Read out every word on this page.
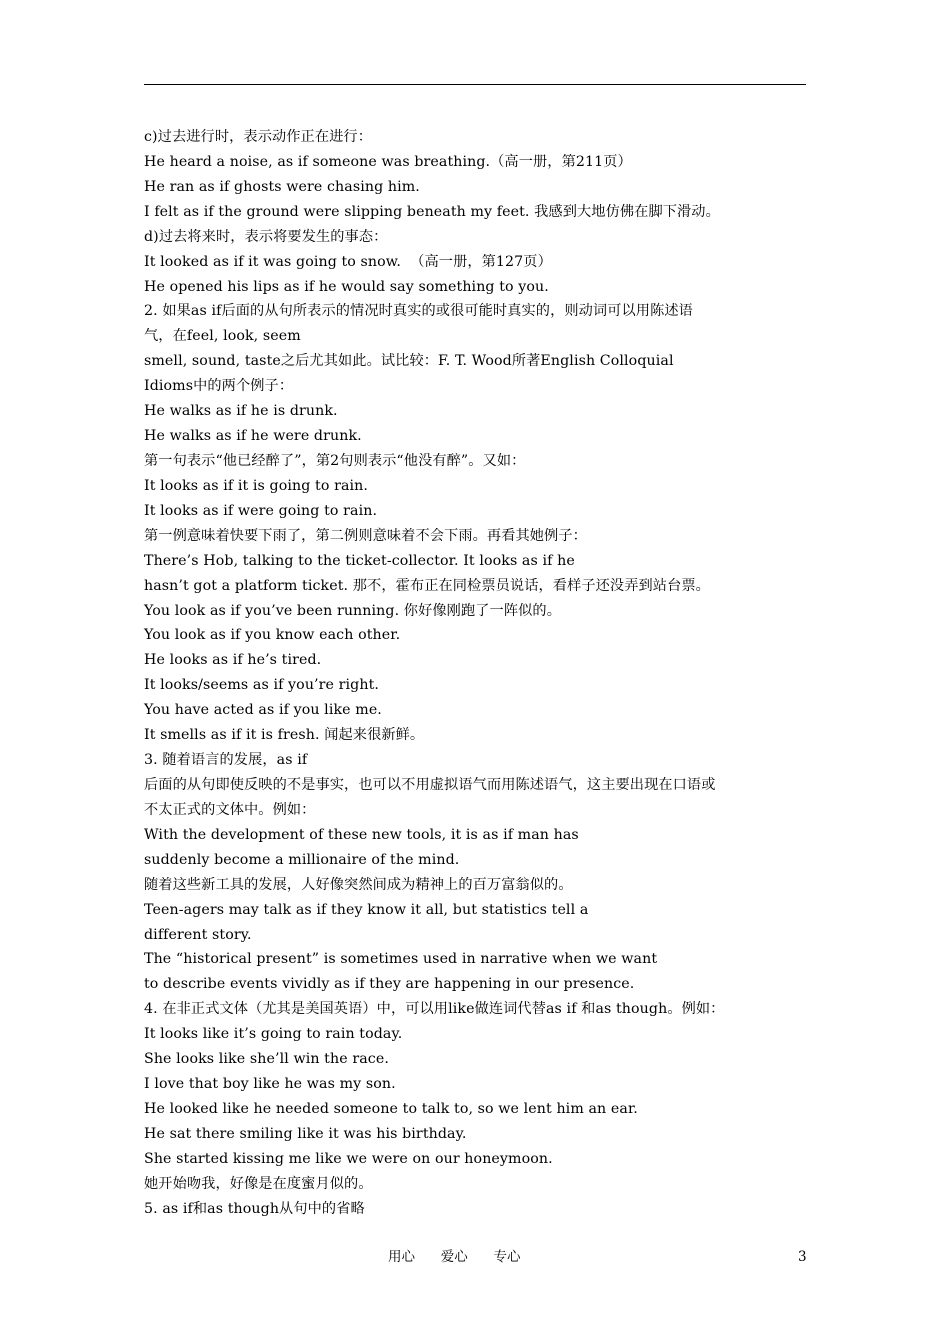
c)过去进行时，表示动作正在进行：
He heard a noise, as if someone was breathing.（高一册，第211页）
He ran as if ghosts were chasing him.
I felt as if the ground were slipping beneath my feet. 我感到大地仿佛在脚下滑动。
d)过去将来时，表示将要发生的事态：
It looked as if it was going to snow.  （高一册，第127页）
He opened his lips as if he would say something to you.
2. 如果as if后面的从句所表示的情况时真实的或很可能时真实的，则动词可以用陈述语
气，在feel, look, seem
smell, sound, taste之后尤其如此。试比较：F. T. Wood所著English Colloquial
Idioms中的两个例子：
He walks as if he is drunk.
He walks as if he were drunk.
第一句表示“他已经醉了”，第2句则表示“他没有醉”。又如：
It looks as if it is going to rain.
It looks as if were going to rain.
第一例意味着快要下雨了，第二例则意味着不会下雨。再看其她例子：
There’s Hob, talking to the ticket-collector. It looks as if he
hasn’t got a platform ticket. 那不，霍布正在同检票员说话，看样子还没弄到站台票。
You look as if you’ve been running. 你好像刚跑了一阵似的。
You look as if you know each other.
He looks as if he’s tired.
It looks/seems as if you’re right.
You have acted as if you like me.
It smells as if it is fresh. 闻起来很新鲜。
3. 随着语言的发展，as if
后面的从句即使反映的不是事实，也可以不用虚拟语气而用陈述语气，这主要出现在口语或
不太正式的文体中。例如：
With the development of these new tools, it is as if man has
suddenly become a millionaire of the mind.
随着这些新工具的发展，人好像突然间成为精神上的百万富翁似的。
Teen-agers may talk as if they know it all, but statistics tell a
different story.
The “historical present” is sometimes used in narrative when we want
to describe events vividly as if they are happening in our presence.
4. 在非正式文体（尤其是美国英语）中，可以用like做连词代替as if 和as though。例如：
It looks like it’s going to rain today.
She looks like she’ll win the race.
I love that boy like he was my son.
He looked like he needed someone to talk to, so we lent him an ear.
He sat there smiling like it was his birthday.
She started kissing me like we were on our honeymoon.
她开始吻我，好像是在度蜜月似的。
5. as if和as though从句中的省略
用心      爱心      专心	3
